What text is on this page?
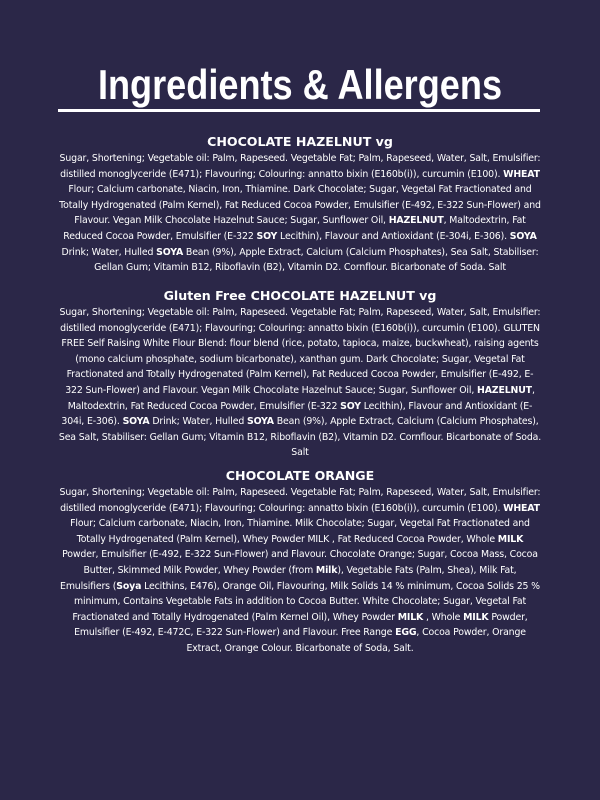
Ingredients & Allergens
CHOCOLATE HAZELNUT vg

Sugar, Shortening; Vegetable oil: Palm, Rapeseed. Vegetable Fat; Palm, Rapeseed, Water, Salt, Emulsifier: distilled monoglyceride (E471); Flavouring; Colouring: annatto bixin (E160b(i)), curcumin (E100). WHEAT Flour; Calcium carbonate, Niacin, Iron, Thiamine. Dark Chocolate; Sugar, Vegetal Fat Fractionated and Totally Hydrogenated (Palm Kernel), Fat Reduced Cocoa Powder, Emulsifier (E-492, E-322 Sun-Flower) and Flavour. Vegan Milk Chocolate Hazelnut Sauce; Sugar, Sunflower Oil, HAZELNUT, Maltodextrin, Fat Reduced Cocoa Powder, Emulsifier (E-322 SOY Lecithin), Flavour and Antioxidant (E-304i, E-306). SOYA Drink; Water, Hulled SOYA Bean (9%), Apple Extract, Calcium (Calcium Phosphates), Sea Salt, Stabiliser: Gellan Gum; Vitamin B12, Riboflavin (B2), Vitamin D2. Cornflour. Bicarbonate of Soda. Salt

Gluten Free CHOCOLATE HAZELNUT vg

Sugar, Shortening; Vegetable oil: Palm, Rapeseed. Vegetable Fat; Palm, Rapeseed, Water, Salt, Emulsifier: distilled monoglyceride (E471); Flavouring; Colouring: annatto bixin (E160b(i)), curcumin (E100). GLUTEN FREE Self Raising White Flour Blend: flour blend (rice, potato, tapioca, maize, buckwheat), raising agents (mono calcium phosphate, sodium bicarbonate), xanthan gum. Dark Chocolate; Sugar, Vegetal Fat Fractionated and Totally Hydrogenated (Palm Kernel), Fat Reduced Cocoa Powder, Emulsifier (E-492, E-322 Sun-Flower) and Flavour. Vegan Milk Chocolate Hazelnut Sauce; Sugar, Sunflower Oil, HAZELNUT, Maltodextrin, Fat Reduced Cocoa Powder, Emulsifier (E-322 SOY Lecithin), Flavour and Antioxidant (E-304i, E-306). SOYA Drink; Water, Hulled SOYA Bean (9%), Apple Extract, Calcium (Calcium Phosphates), Sea Salt, Stabiliser: Gellan Gum; Vitamin B12, Riboflavin (B2), Vitamin D2. Cornflour. Bicarbonate of Soda. Salt

CHOCOLATE ORANGE

Sugar, Shortening; Vegetable oil: Palm, Rapeseed. Vegetable Fat; Palm, Rapeseed, Water, Salt, Emulsifier: distilled monoglyceride (E471); Flavouring; Colouring: annatto bixin (E160b(i)), curcumin (E100). WHEAT Flour; Calcium carbonate, Niacin, Iron, Thiamine. Milk Chocolate; Sugar, Vegetal Fat Fractionated and Totally Hydrogenated (Palm Kernel), Whey Powder MILK , Fat Reduced Cocoa Powder, Whole MILK Powder, Emulsifier (E-492, E-322 Sun-Flower) and Flavour. Chocolate Orange; Sugar, Cocoa Mass, Cocoa Butter, Skimmed Milk Powder, Whey Powder (from Milk), Vegetable Fats (Palm, Shea), Milk Fat, Emulsifiers (Soya Lecithins, E476), Orange Oil, Flavouring, Milk Solids 14 % minimum, Cocoa Solids 25 % minimum, Contains Vegetable Fats in addition to Cocoa Butter. White Chocolate; Sugar, Vegetal Fat Fractionated and Totally Hydrogenated (Palm Kernel Oil), Whey Powder MILK , Whole MILK Powder, Emulsifier (E-492, E-472C, E-322 Sun-Flower) and Flavour. Free Range EGG, Cocoa Powder, Orange Extract, Orange Colour. Bicarbonate of Soda, Salt.
